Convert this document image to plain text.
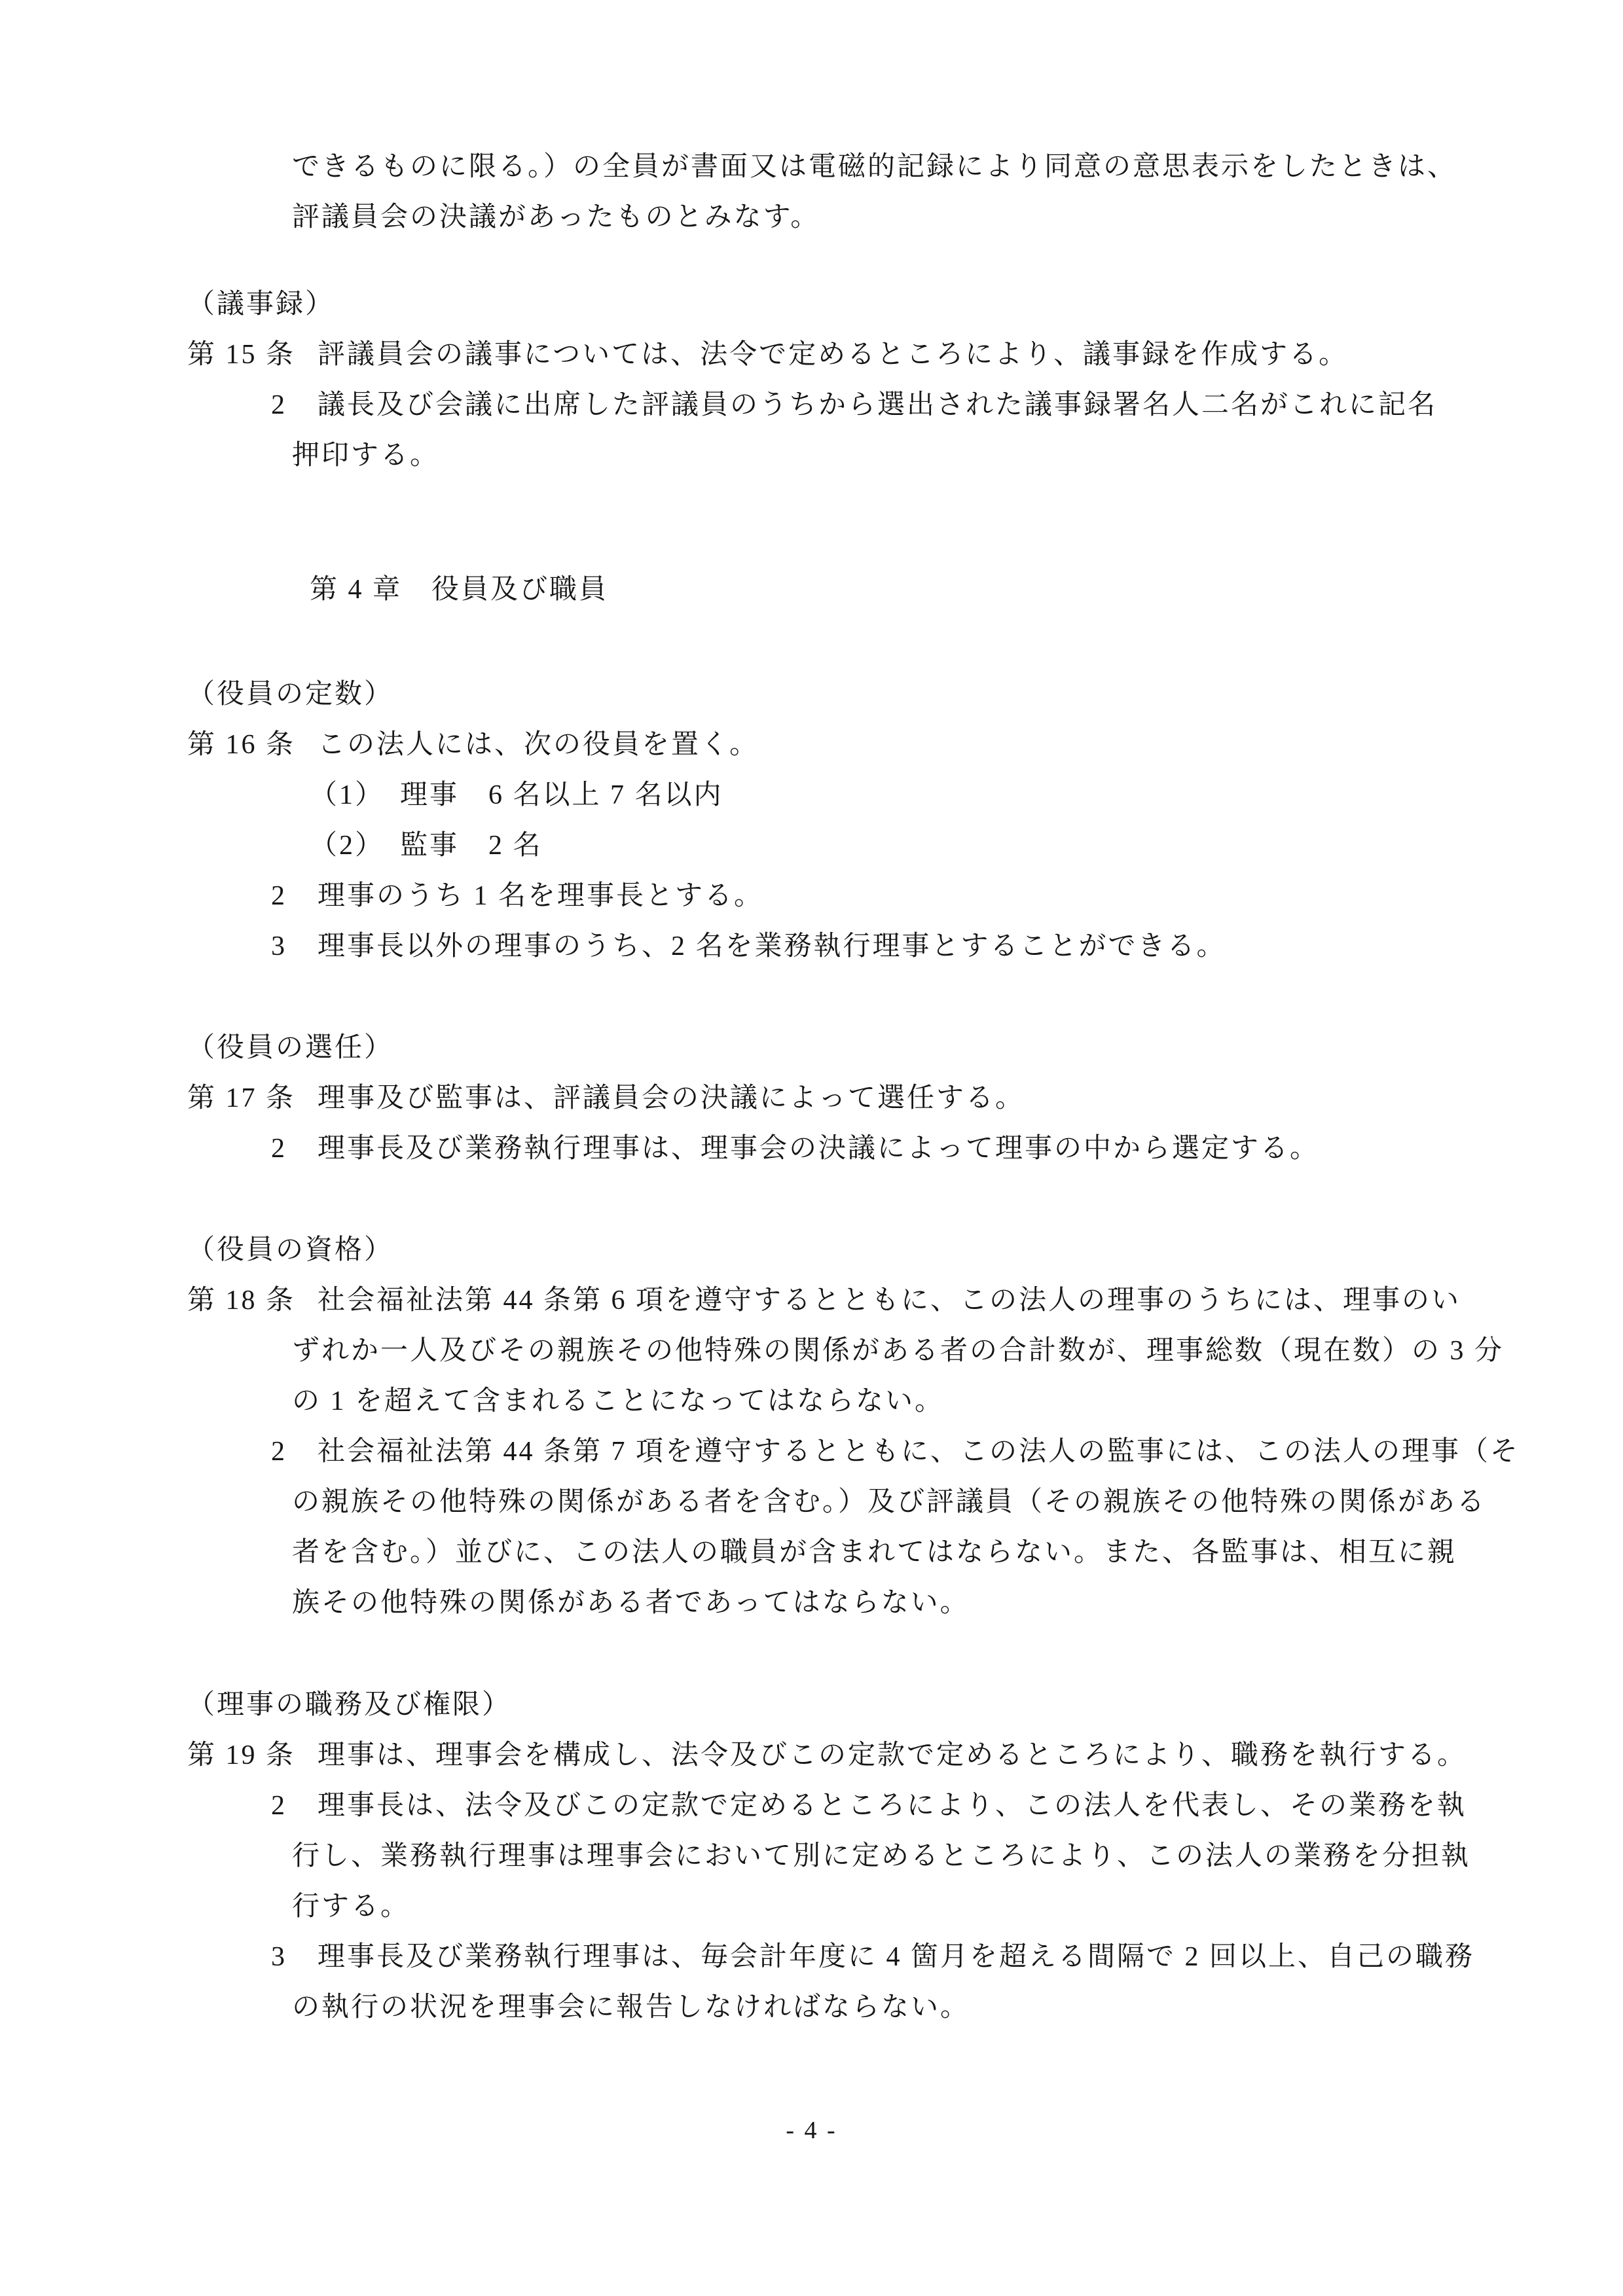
できるものに限る。）の全員が書面又は電磁的記録により同意の意思表示をしたときは、
評議員会の決議があったものとみなす。
（議事録）
第 15 条 評議員会の議事については、法令で定めるところにより、議事録を作成する。
2 議長及び会議に出席した評議員のうちから選出された議事録署名人二名がこれに記名
押印する。
第 4 章　役員及び職員
（役員の定数）
第 16 条 この法人には、次の役員を置く。
（1）　理事　6 名以上 7 名以内
（2）　監事　2 名
2 理事のうち 1 名を理事長とする。
3 理事長以外の理事のうち、2 名を業務執行理事とすることができる。
（役員の選任）
第 17 条 理事及び監事は、評議員会の決議によって選任する。
2 理事長及び業務執行理事は、理事会の決議によって理事の中から選定する。
（役員の資格）
第 18 条 社会福祉法第 44 条第 6 項を遵守するとともに、この法人の理事のうちには、理事のい
ずれか一人及びその親族その他特殊の関係がある者の合計数が、理事総数（現在数）の 3 分
の 1 を超えて含まれることになってはならない。
2 社会福祉法第 44 条第 7 項を遵守するとともに、この法人の監事には、この法人の理事（そ
の親族その他特殊の関係がある者を含む。）及び評議員（その親族その他特殊の関係がある
者を含む。）並びに、この法人の職員が含まれてはならない。また、各監事は、相互に親
族その他特殊の関係がある者であってはならない。
（理事の職務及び権限）
第 19 条 理事は、理事会を構成し、法令及びこの定款で定めるところにより、職務を執行する。
2 理事長は、法令及びこの定款で定めるところにより、この法人を代表し、その業務を執
行し、業務執行理事は理事会において別に定めるところにより、この法人の業務を分担執
行する。
3 理事長及び業務執行理事は、毎会計年度に 4 箇月を超える間隔で 2 回以上、自己の職務
の執行の状況を理事会に報告しなければならない。
- 4 -
